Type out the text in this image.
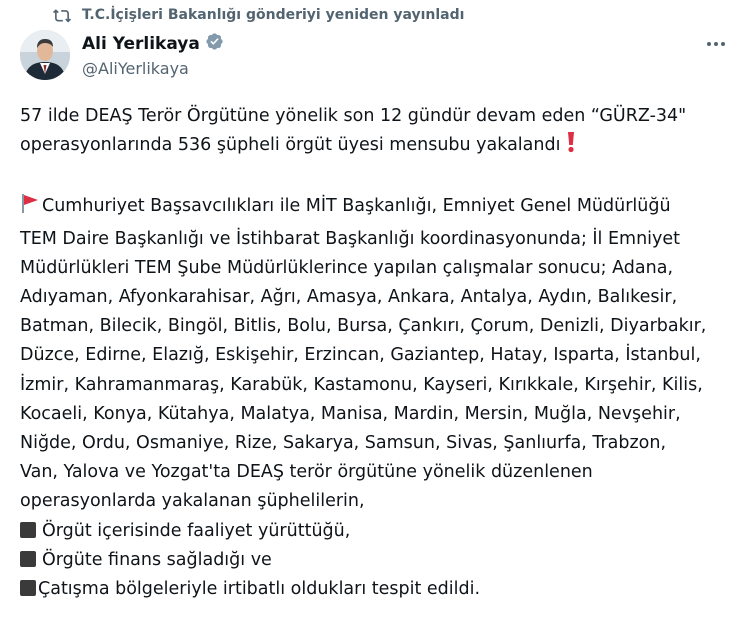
T.C.İçişleri Bakanlığı gönderiyi yeniden yayınladı
Ali Yerlikaya
@AliYerlikaya

57 ilde DEAŞ Terör Örgütüne yönelik son 12 gündür devam eden “GÜRZ-34"

operasyonlarında 536 şüpheli örgüt üyesi mensubu yakalandı

Cumhuriyet Başsavcılıkları ile MİT Başkanlığı, Emniyet Genel Müdürlüğü

TEM Daire Başkanlığı ve İstihbarat Başkanlığı koordinasyonunda; İl Emniyet

Müdürlükleri TEM Şube Müdürlüklerince yapılan çalışmalar sonucu; Adana,

Adıyaman, Afyonkarahisar, Ağrı, Amasya, Ankara, Antalya, Aydın, Balıkesir,

Batman, Bilecik, Bingöl, Bitlis, Bolu, Bursa, Çankırı, Çorum, Denizli, Diyarbakır,

Düzce, Edirne, Elazığ, Eskişehir, Erzincan, Gaziantep, Hatay, Isparta, İstanbul,

İzmir, Kahramanmaraş, Karabük, Kastamonu, Kayseri, Kırıkkale, Kırşehir, Kilis,

Kocaeli, Konya, Kütahya, Malatya, Manisa, Mardin, Mersin, Muğla, Nevşehir,

Niğde, Ordu, Osmaniye, Rize, Sakarya, Samsun, Sivas, Şanlıurfa, Trabzon,

Van, Yalova ve Yozgat'ta DEAŞ terör örgütüne yönelik düzenlenen

operasyonlarda yakalanan şüphelilerin,

Örgüt içerisinde faaliyet yürüttüğü,

Örgüte finans sağladığı ve

Çatışma bölgeleriyle irtibatlı oldukları tespit edildi.
